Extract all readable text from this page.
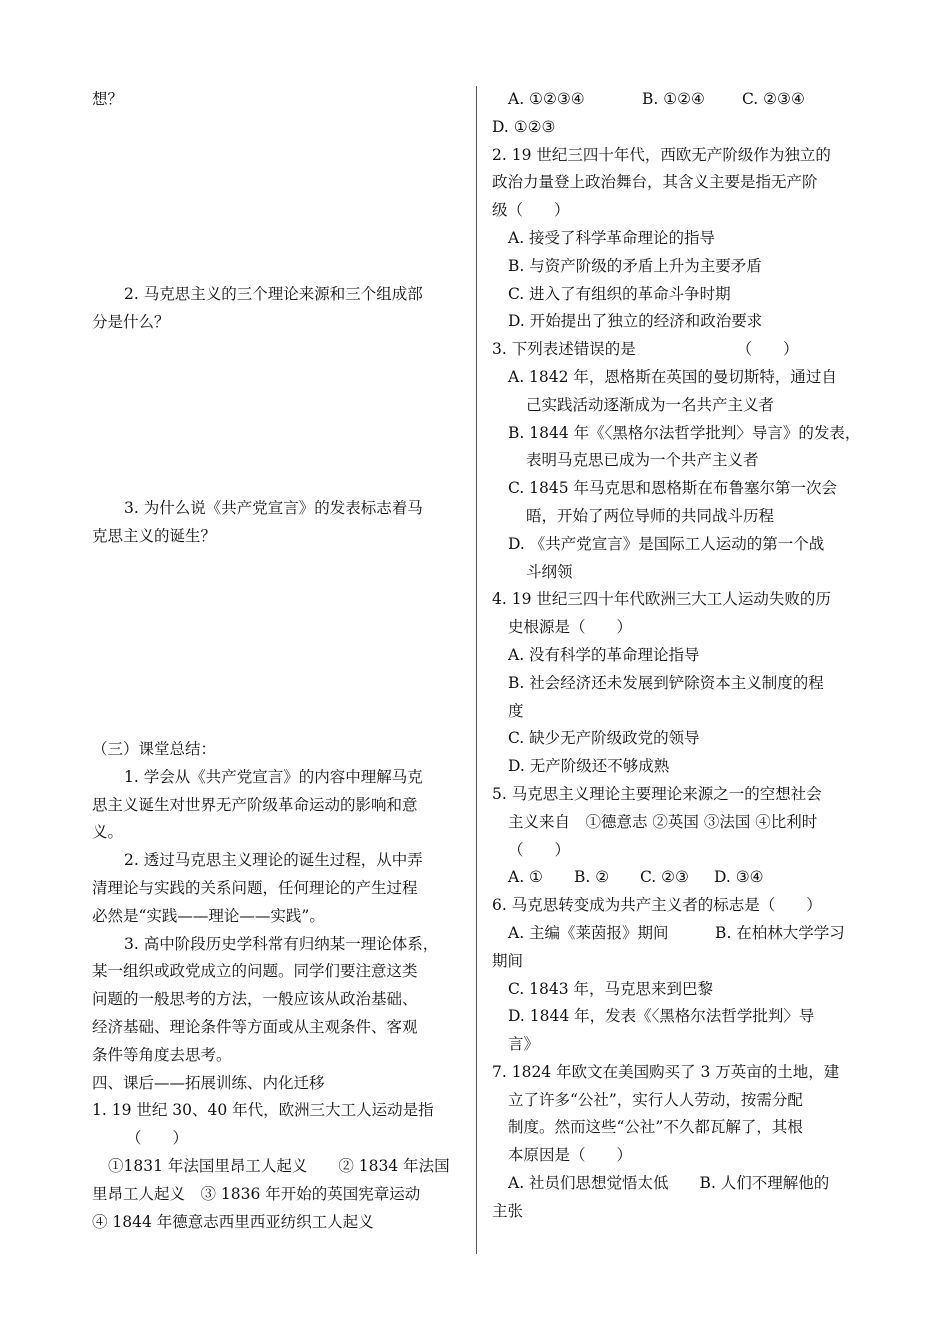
想？
2. 马克思主义的三个理论来源和三个组成部
分是什么？
3. 为什么说《共产党宣言》的发表标志着马
克思主义的诞生？
（三）课堂总结：
1. 学会从《共产党宣言》的内容中理解马克
思主义诞生对世界无产阶级革命运动的影响和意
义。
2. 透过马克思主义理论的诞生过程，从中弄
清理论与实践的关系问题，任何理论的产生过程
必然是“实践——理论——实践”。
3. 高中阶段历史学科常有归纳某一理论体系，
某一组织或政党成立的问题。同学们要注意这类
问题的一般思考的方法，一般应该从政治基础、
经济基础、理论条件等方面或从主观条件、客观
条件等角度去思考。
四、课后——拓展训练、内化迁移
1. 19 世纪 30、40 年代，欧洲三大工人运动是指
（　　）
①1831 年法国里昂工人起义　　② 1834 年法国
里昂工人起义　③ 1836 年开始的英国宪章运动
④ 1844 年德意志西里西亚纺织工人起义
A. ①②③④	B. ①②④ C. ②③④
D. ①②③
2. 19 世纪三四十年代，西欧无产阶级作为独立的
政治力量登上政治舞台，其含义主要是指无产阶
级（　　）
A. 接受了科学革命理论的指导
B. 与资产阶级的矛盾上升为主要矛盾
C. 进入了有组织的革命斗争时期
D. 开始提出了独立的经济和政治要求
3. 下列表述错误的是　　　　　　　（　　）
A. 1842 年，恩格斯在英国的曼切斯特，通过自
己实践活动逐渐成为一名共产主义者
B. 1844 年《〈黑格尔法哲学批判〉导言》的发表，
表明马克思已成为一个共产主义者
C. 1845 年马克思和恩格斯在布鲁塞尔第一次会
晤，开始了两位导师的共同战斗历程
D. 《共产党宣言》是国际工人运动的第一个战
斗纲领
4. 19 世纪三四十年代欧洲三大工人运动失败的历
史根源是（　　）
A. 没有科学的革命理论指导
B. 社会经济还未发展到铲除资本主义制度的程
度
C. 缺少无产阶级政党的领导
D. 无产阶级还不够成熟
5. 马克思主义理论主要理论来源之一的空想社会
主义来自　①德意志 ②英国 ③法国 ④比利时
（　　）
A. ① B. ② C. ②③ D. ③④
6. 马克思转变成为共产主义者的标志是（　　）
A. 主编《莱茵报》期间　　　B. 在柏林大学学习
期间
C. 1843 年，马克思来到巴黎
D. 1844 年，发表《〈黑格尔法哲学批判〉导
言》
7. 1824 年欧文在美国购买了 3 万英亩的土地，建
立了许多“公社”，实行人人劳动，按需分配
制度。然而这些“公社”不久都瓦解了，其根
本原因是（　　）
A. 社员们思想觉悟太低　　B. 人们不理解他的
主张
